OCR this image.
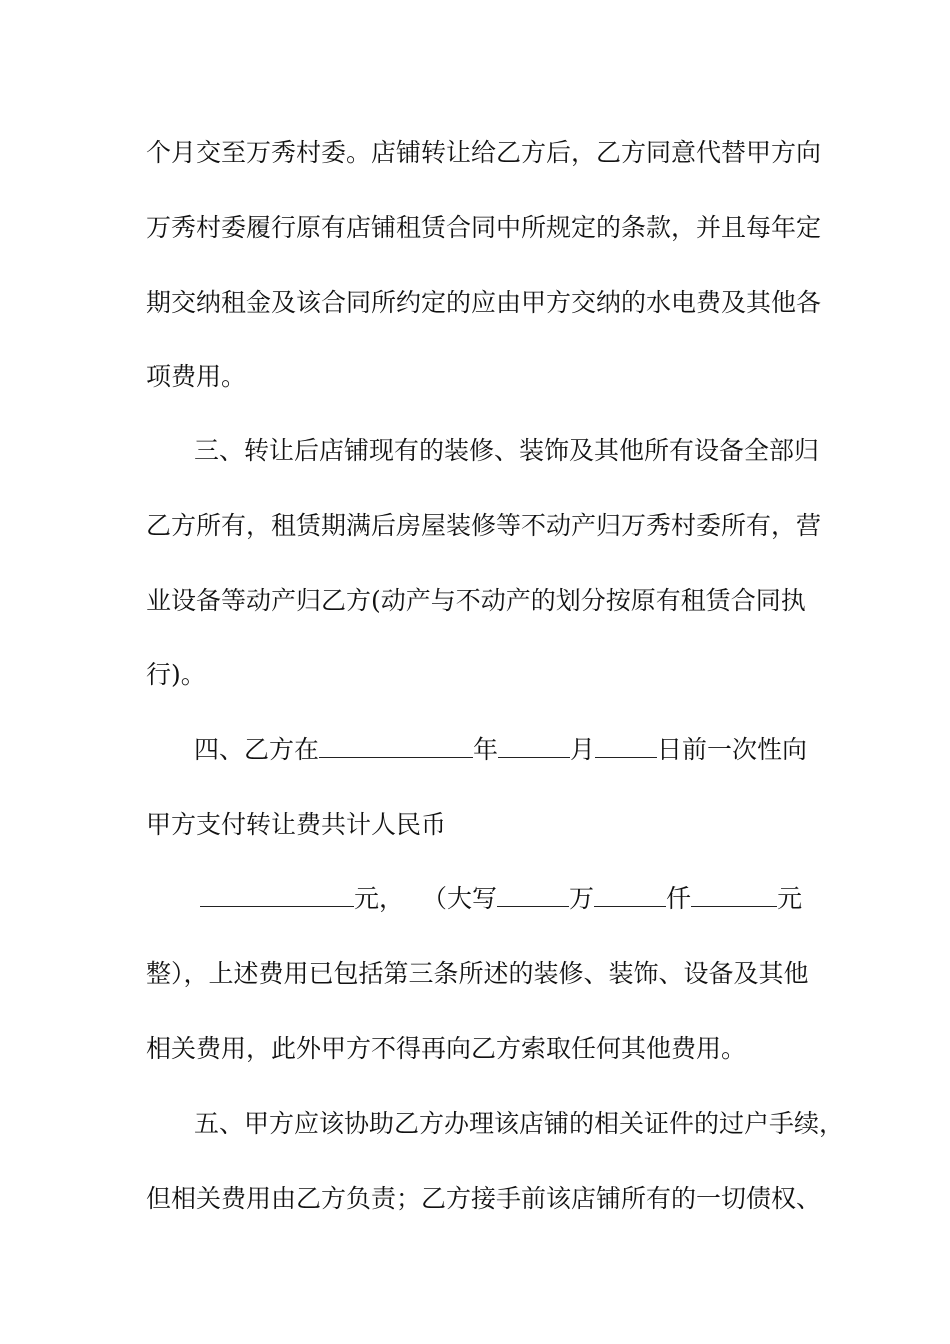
个月交至万秀村委。店铺转让给乙方后，乙方同意代替甲方向

万秀村委履行原有店铺租赁合同中所规定的条款，并且每年定

期交纳租金及该合同所约定的应由甲方交纳的水电费及其他各

项费用。

三、转让后店铺现有的装修、装饰及其他所有设备全部归

乙方所有，租赁期满后房屋装修等不动产归万秀村委所有，营

业设备等动产归乙方(动产与不动产的划分按原有租赁合同执

行)。

四、乙方在	年	月 日前一次性向

甲方支付转让费共计人民币

元， （大写	万	仟	元

整），上述费用已包括第三条所述的装修、装饰、设备及其他

相关费用，此外甲方不得再向乙方索取任何其他费用。

五、甲方应该协助乙方办理该店铺的相关证件的过户手续，

但相关费用由乙方负责；乙方接手前该店铺所有的一切债权、
